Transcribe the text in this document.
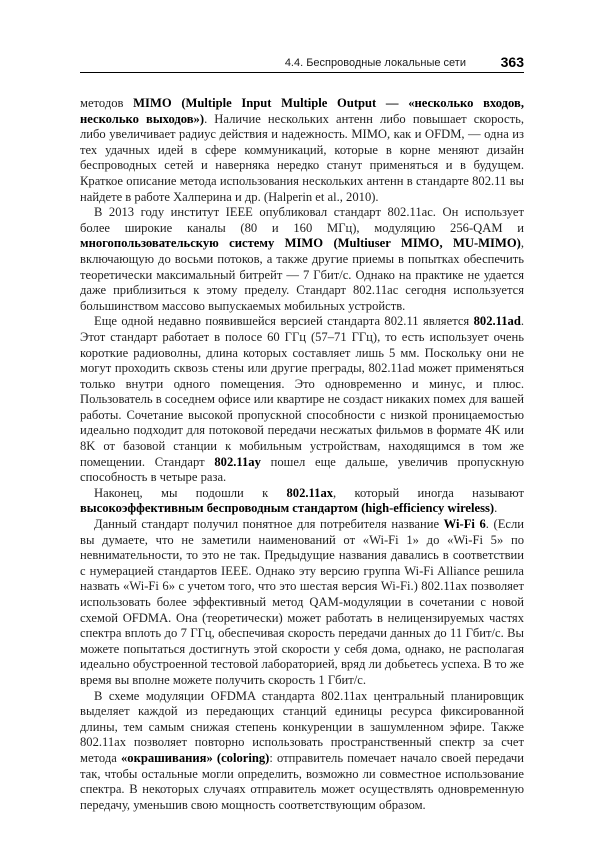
4.4. Беспроводные локальные сети 363

методов MIMO (Multiple Input Multiple Output — «несколько входов, несколько выходов»). Наличие нескольких антенн либо повышает скорость, либо увеличивает радиус действия и надежность. MIMO, как и OFDM, — одна из тех удачных идей в сфере коммуникаций, которые в корне меняют дизайн беспроводных сетей и наверняка нередко станут применяться и в будущем. Краткое описание метода использования нескольких антенн в стандарте 802.11 вы найдете в работе Халперина и др. (Halperin et al., 2010).

В 2013 году институт IEEE опубликовал стандарт 802.11ac. Он использует более широкие каналы (80 и 160 МГц), модуляцию 256-QAM и многопользовательскую систему MIMO (Multiuser MIMO, MU-MIMO), включающую до восьми потоков, а также другие приемы в попытках обеспечить теоретически максимальный битрейт — 7 Гбит/с. Однако на практике не удается даже приблизиться к этому пределу. Стандарт 802.11ac сегодня используется большинством массово выпускаемых мобильных устройств.

Еще одной недавно появившейся версией стандарта 802.11 является 802.11ad. Этот стандарт работает в полосе 60 ГГц (57–71 ГГц), то есть использует очень короткие радиоволны, длина которых составляет лишь 5 мм. Поскольку они не могут проходить сквозь стены или другие преграды, 802.11ad может применяться только внутри одного помещения. Это одновременно и минус, и плюс. Пользователь в соседнем офисе или квартире не создаст никаких помех для вашей работы. Сочетание высокой пропускной способности с низкой проницаемостью идеально подходит для потоковой передачи несжатых фильмов в формате 4K или 8K от базовой станции к мобильным устройствам, находящимся в том же помещении. Стандарт 802.11ay пошел еще дальше, увеличив пропускную способность в четыре раза.

Наконец, мы подошли к 802.11ax, который иногда называют высокоэффективным беспроводным стандартом (high-efficiency wireless).

Данный стандарт получил понятное для потребителя название Wi-Fi 6. (Если вы думаете, что не заметили наименований от «Wi-Fi 1» до «Wi-Fi 5» по невнимательности, то это не так. Предыдущие названия давались в соответствии с нумерацией стандартов IEEE. Однако эту версию группа Wi-Fi Alliance решила назвать «Wi-Fi 6» с учетом того, что это шестая версия Wi-Fi.) 802.11ax позволяет использовать более эффективный метод QAM-модуляции в сочетании с новой схемой OFDMA. Она (теоретически) может работать в нелицензируемых частях спектра вплоть до 7 ГГц, обеспечивая скорость передачи данных до 11 Гбит/с. Вы можете попытаться достигнуть этой скорости у себя дома, однако, не располагая идеально обустроенной тестовой лабораторией, вряд ли добьетесь успеха. В то же время вы вполне можете получить скорость 1 Гбит/с.

В схеме модуляции OFDMA стандарта 802.11ax центральный планировщик выделяет каждой из передающих станций единицы ресурса фиксированной длины, тем самым снижая степень конкуренции в зашумленном эфире. Также 802.11ax позволяет повторно использовать пространственный спектр за счет метода «окрашивания» (coloring): отправитель помечает начало своей передачи так, чтобы остальные могли определить, возможно ли совместное использование спектра. В некоторых случаях отправитель может осуществлять одновременную передачу, уменьшив свою мощность соответствующим образом.
